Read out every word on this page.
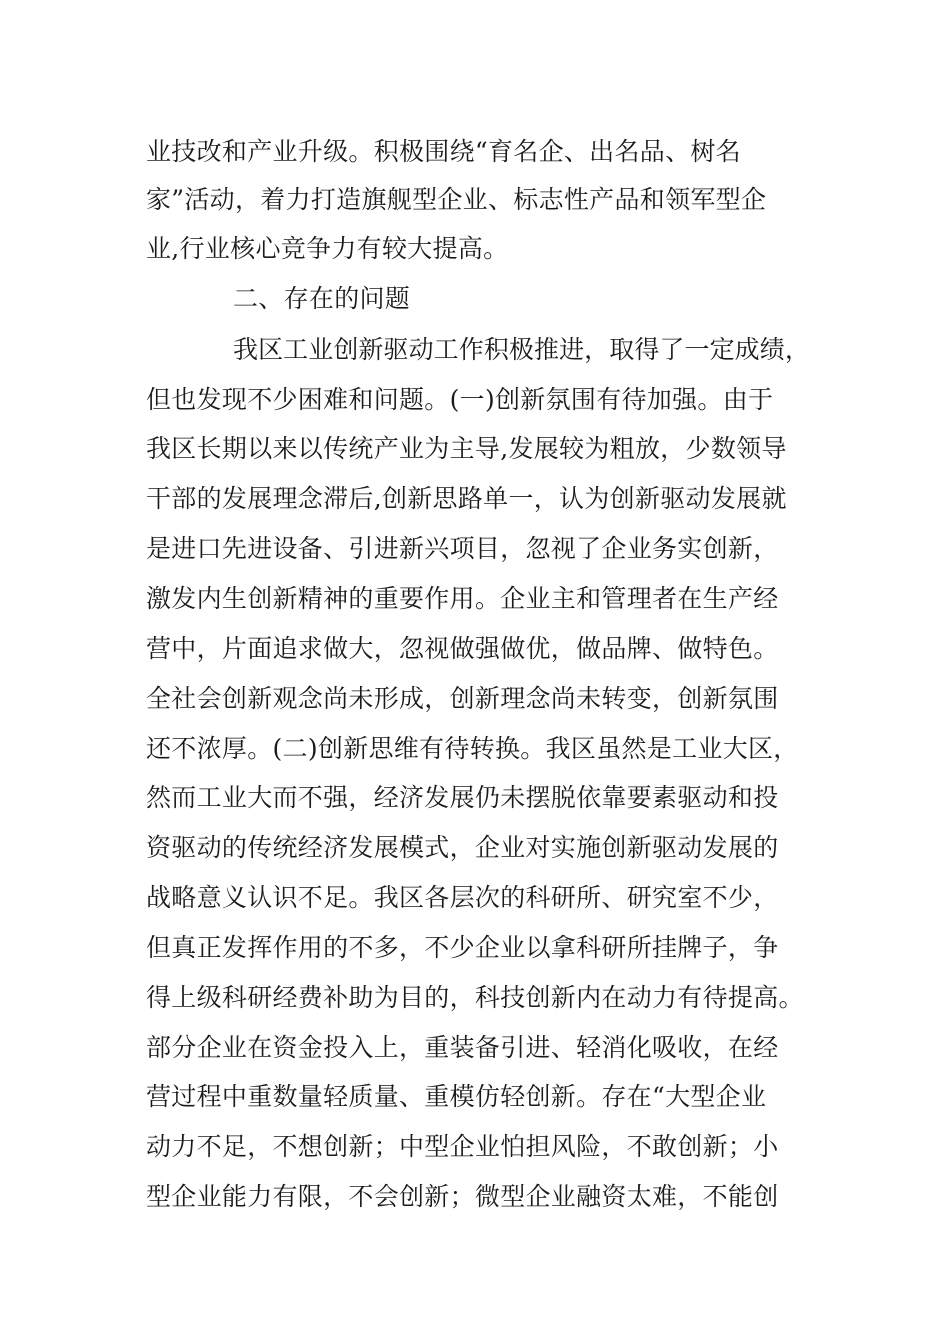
业技改和产业升级。积极围绕“育名企、出名品、树名
家”活动，着力打造旗舰型企业、标志性产品和领军型企
业,行业核心竞争力有较大提高。
二、存在的问题
我区工业创新驱动工作积极推进，取得了一定成绩，
但也发现不少困难和问题。(一)创新氛围有待加强。由于
我区长期以来以传统产业为主导,发展较为粗放，少数领导
干部的发展理念滞后,创新思路单一，认为创新驱动发展就
是进口先进设备、引进新兴项目，忽视了企业务实创新，
激发内生创新精神的重要作用。企业主和管理者在生产经
营中，片面追求做大，忽视做强做优，做品牌、做特色。
全社会创新观念尚未形成，创新理念尚未转变，创新氛围
还不浓厚。(二)创新思维有待转换。我区虽然是工业大区，
然而工业大而不强，经济发展仍未摆脱依靠要素驱动和投
资驱动的传统经济发展模式，企业对实施创新驱动发展的
战略意义认识不足。我区各层次的科研所、研究室不少，
但真正发挥作用的不多，不少企业以拿科研所挂牌子，争
得上级科研经费补助为目的，科技创新内在动力有待提高。
部分企业在资金投入上，重装备引进、轻消化吸收，在经
营过程中重数量轻质量、重模仿轻创新。存在“大型企业
动力不足，不想创新；中型企业怕担风险，不敢创新；小
型企业能力有限，不会创新；微型企业融资太难，不能创
